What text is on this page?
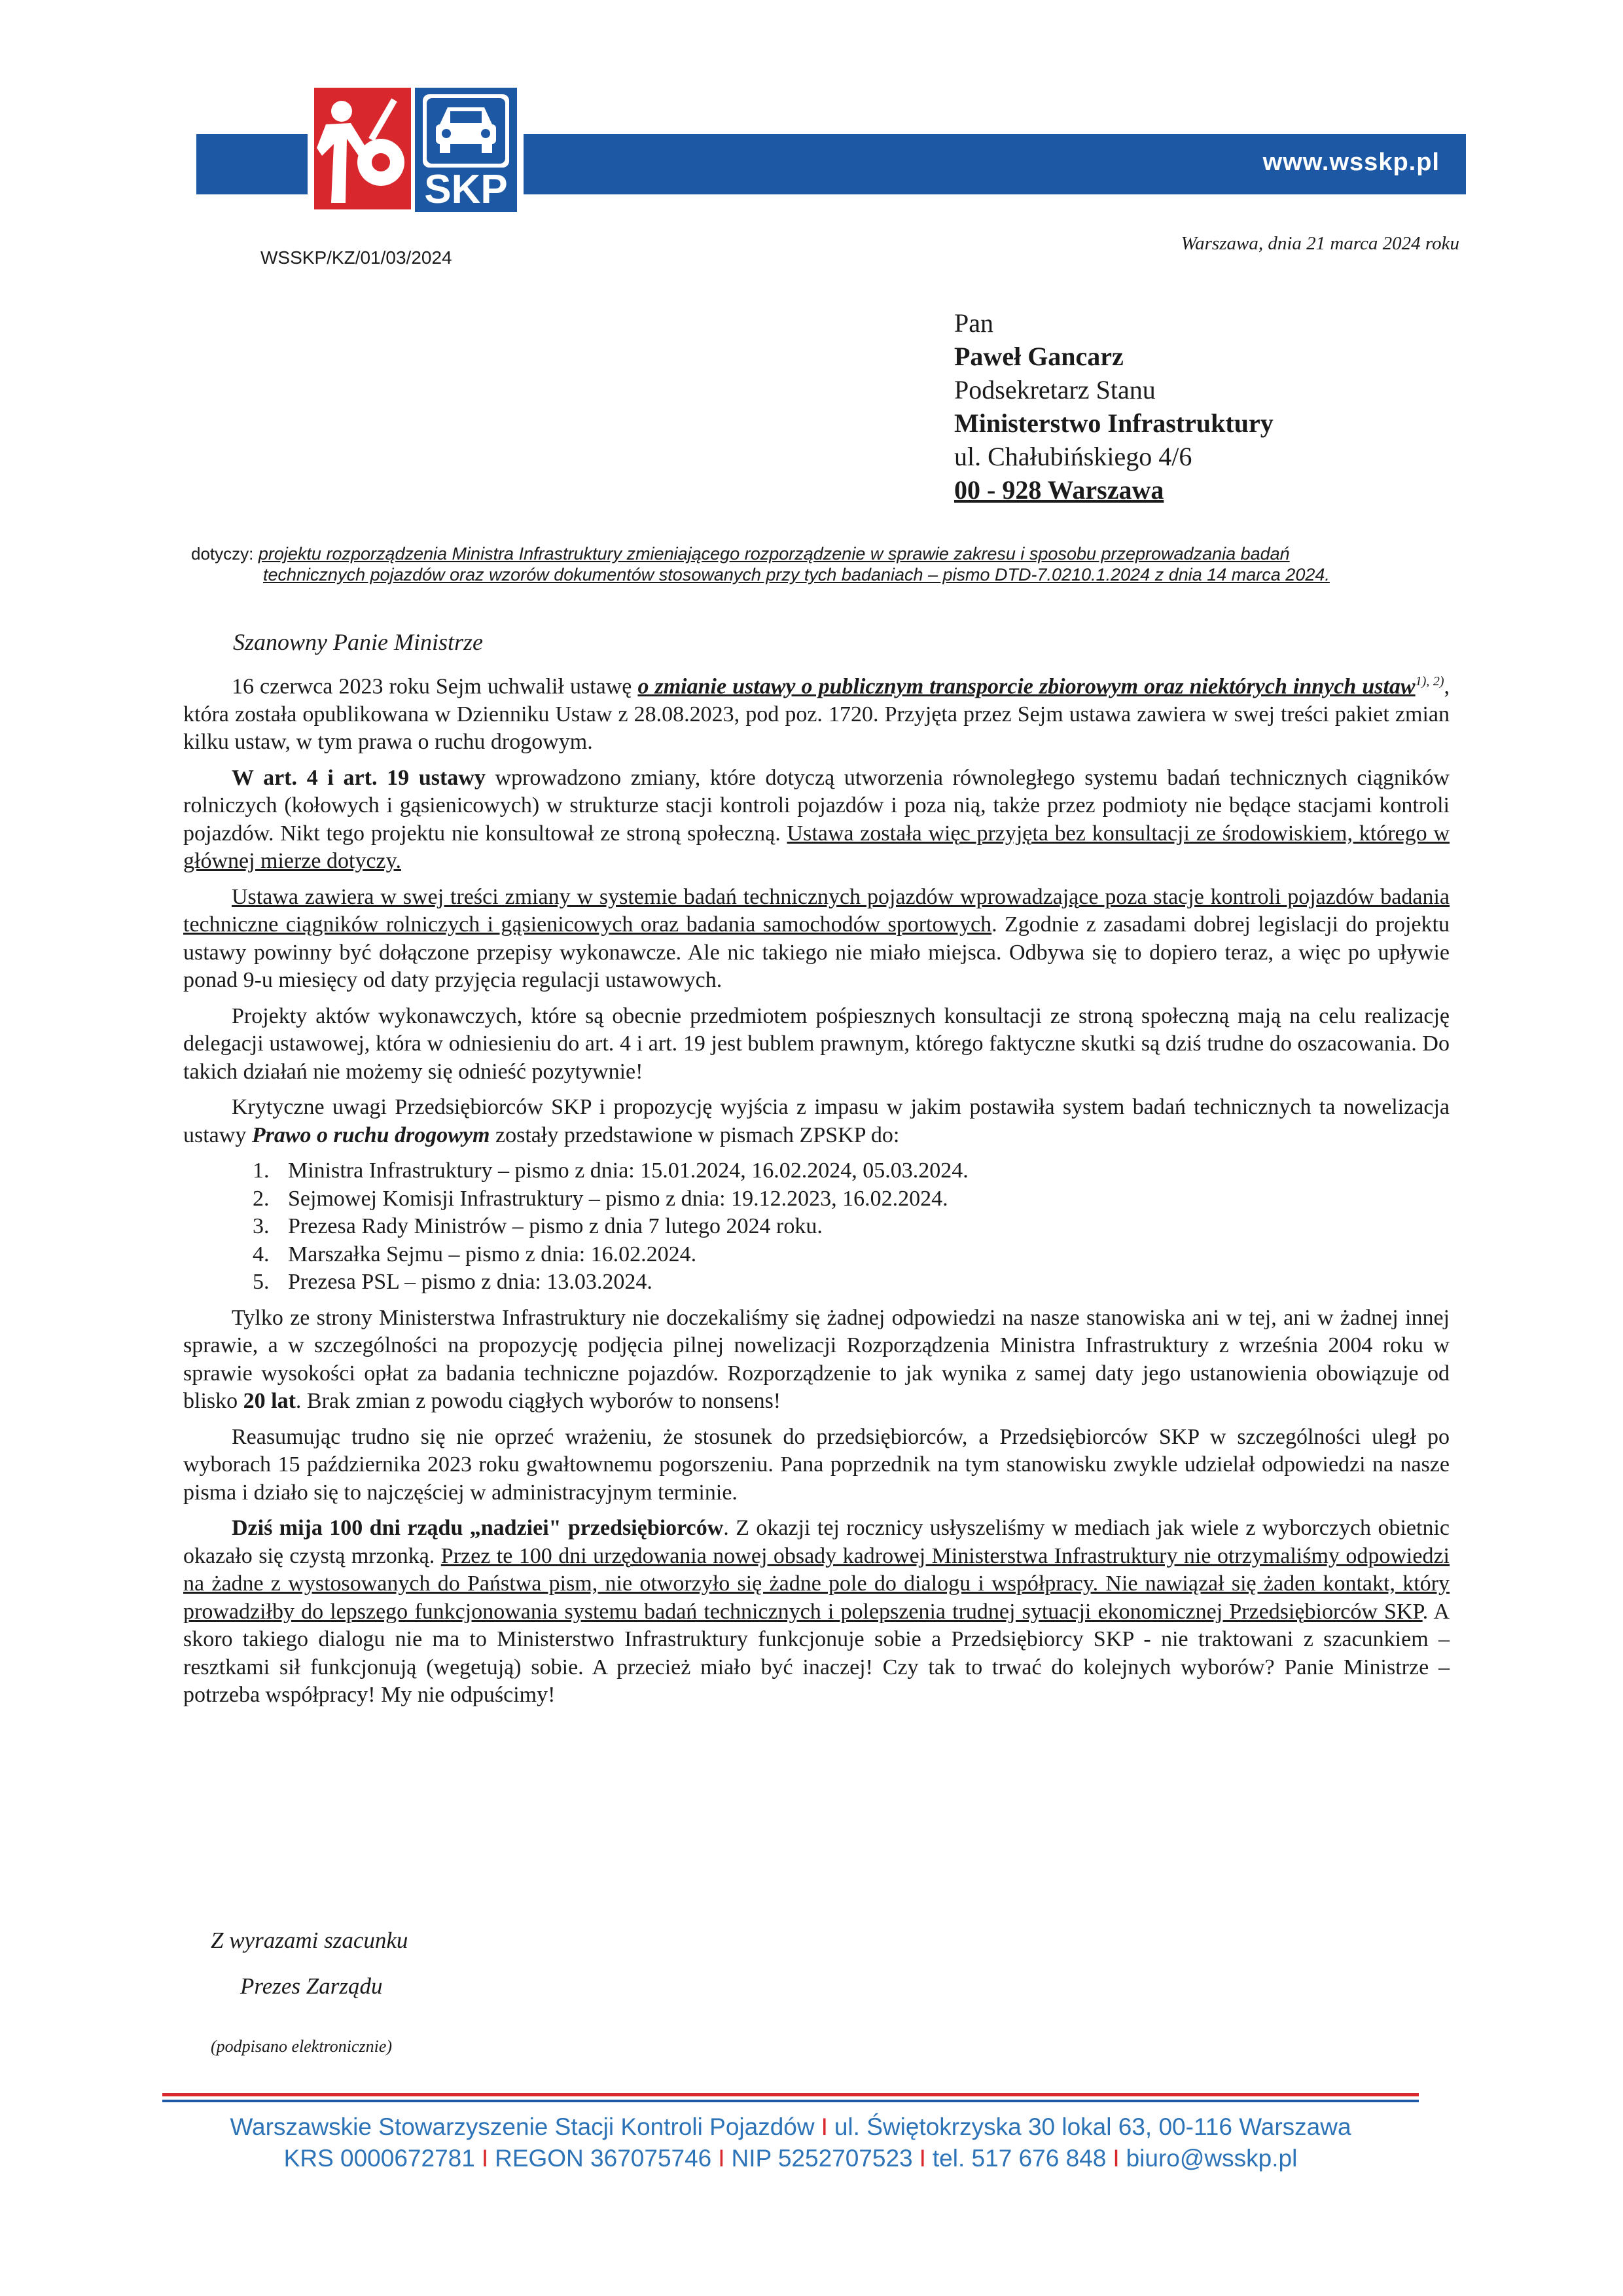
www.wsskp.pl
SKP
WSSKP/KZ/01/03/2024
Warszawa, dnia 21 marca 2024 roku
Pan
Paweł Gancarz
Podsekretarz Stanu
Ministerstwo Infrastruktury
ul. Chałubińskiego 4/6
00 - 928 Warszawa
dotyczy: projektu rozporządzenia Ministra Infrastruktury zmieniającego rozporządzenie w sprawie zakresu i sposobu przeprowadzania badań
technicznych pojazdów oraz wzorów dokumentów stosowanych przy tych badaniach – pismo DTD-7.0210.1.2024 z dnia 14 marca 2024.
Szanowny Panie Ministrze

16 czerwca 2023 roku Sejm uchwalił ustawę o zmianie ustawy o publicznym transporcie zbiorowym oraz niektórych innych ustaw$^{1), 2)}$, która została opublikowana w Dzienniku Ustaw z 28.08.2023, pod poz. 1720. Przyjęta przez Sejm ustawa zawiera w swej treści pakiet zmian kilku ustaw, w tym prawa o ruchu drogowym.

W art. 4 i art. 19 ustawy wprowadzono zmiany, które dotyczą utworzenia równoległego systemu badań technicznych ciągników rolniczych (kołowych i gąsienicowych) w strukturze stacji kontroli pojazdów i poza nią, także przez podmioty nie będące stacjami kontroli pojazdów. Nikt tego projektu nie konsultował ze stroną społeczną. Ustawa została więc przyjęta bez konsultacji ze środowiskiem, którego w głównej mierze dotyczy.

Ustawa zawiera w swej treści zmiany w systemie badań technicznych pojazdów wprowadzające poza stacje kontroli pojazdów badania techniczne ciągników rolniczych i gąsienicowych oraz badania samochodów sportowych. Zgodnie z zasadami dobrej legislacji do projektu ustawy powinny być dołączone przepisy wykonawcze. Ale nic takiego nie miało miejsca. Odbywa się to dopiero teraz, a więc po upływie ponad 9-u miesięcy od daty przyjęcia regulacji ustawowych.

Projekty aktów wykonawczych, które są obecnie przedmiotem pośpiesznych konsultacji ze stroną społeczną mają na celu realizację delegacji ustawowej, która w odniesieniu do art. 4 i art. 19 jest bublem prawnym, którego faktyczne skutki są dziś trudne do oszacowania. Do takich działań nie możemy się odnieść pozytywnie!

Krytyczne uwagi Przedsiębiorców SKP i propozycję wyjścia z impasu w jakim postawiła system badań technicznych ta nowelizacja ustawy Prawo o ruchu drogowym zostały przedstawione w pismach ZPSKP do:

1. Ministra Infrastruktury – pismo z dnia: 15.01.2024, 16.02.2024, 05.03.2024.
2. Sejmowej Komisji Infrastruktury – pismo z dnia: 19.12.2023, 16.02.2024.
3. Prezesa Rady Ministrów – pismo z dnia 7 lutego 2024 roku.
4. Marszałka Sejmu – pismo z dnia: 16.02.2024.
5. Prezesa PSL – pismo z dnia: 13.03.2024.

Tylko ze strony Ministerstwa Infrastruktury nie doczekaliśmy się żadnej odpowiedzi na nasze stanowiska ani w tej, ani w żadnej innej sprawie, a w szczególności na propozycję podjęcia pilnej nowelizacji Rozporządzenia Ministra Infrastruktury z września 2004 roku w sprawie wysokości opłat za badania techniczne pojazdów. Rozporządzenie to jak wynika z samej daty jego ustanowienia obowiązuje od blisko 20 lat. Brak zmian z powodu ciągłych wyborów to nonsens!

Reasumując trudno się nie oprzeć wrażeniu, że stosunek do przedsiębiorców, a Przedsiębiorców SKP w szczególności uległ po wyborach 15 października 2023 roku gwałtownemu pogorszeniu. Pana poprzednik na tym stanowisku zwykle udzielał odpowiedzi na nasze pisma i działo się to najczęściej w administracyjnym terminie.

Dziś mija 100 dni rządu „nadziei" przedsiębiorców. Z okazji tej rocznicy usłyszeliśmy w mediach jak wiele z wyborczych obietnic okazało się czystą mrzonką. Przez te 100 dni urzędowania nowej obsady kadrowej Ministerstwa Infrastruktury nie otrzymaliśmy odpowiedzi na żadne z wystosowanych do Państwa pism, nie otworzyło się żadne pole do dialogu i współpracy. Nie nawiązał się żaden kontakt, który prowadziłby do lepszego funkcjonowania systemu badań technicznych i polepszenia trudnej sytuacji ekonomicznej Przedsiębiorców SKP. A skoro takiego dialogu nie ma to Ministerstwo Infrastruktury funkcjonuje sobie a Przedsiębiorcy SKP - nie traktowani z szacunkiem – resztkami sił funkcjonują (wegetują) sobie. A przecież miało być inaczej! Czy tak to trwać do kolejnych wyborów? Panie Ministrze – potrzeba współpracy! My nie odpuścimy!

Z wyrazami szacunku
Prezes Zarządu
(podpisano elektronicznie)
Warszawskie Stowarzyszenie Stacji Kontroli Pojazdów I ul. Świętokrzyska 30 lokal 63, 00-116 Warszawa
KRS 0000672781 I REGON 367075746 I NIP 5252707523 I tel. 517 676 848 I biuro@wsskp.pl
